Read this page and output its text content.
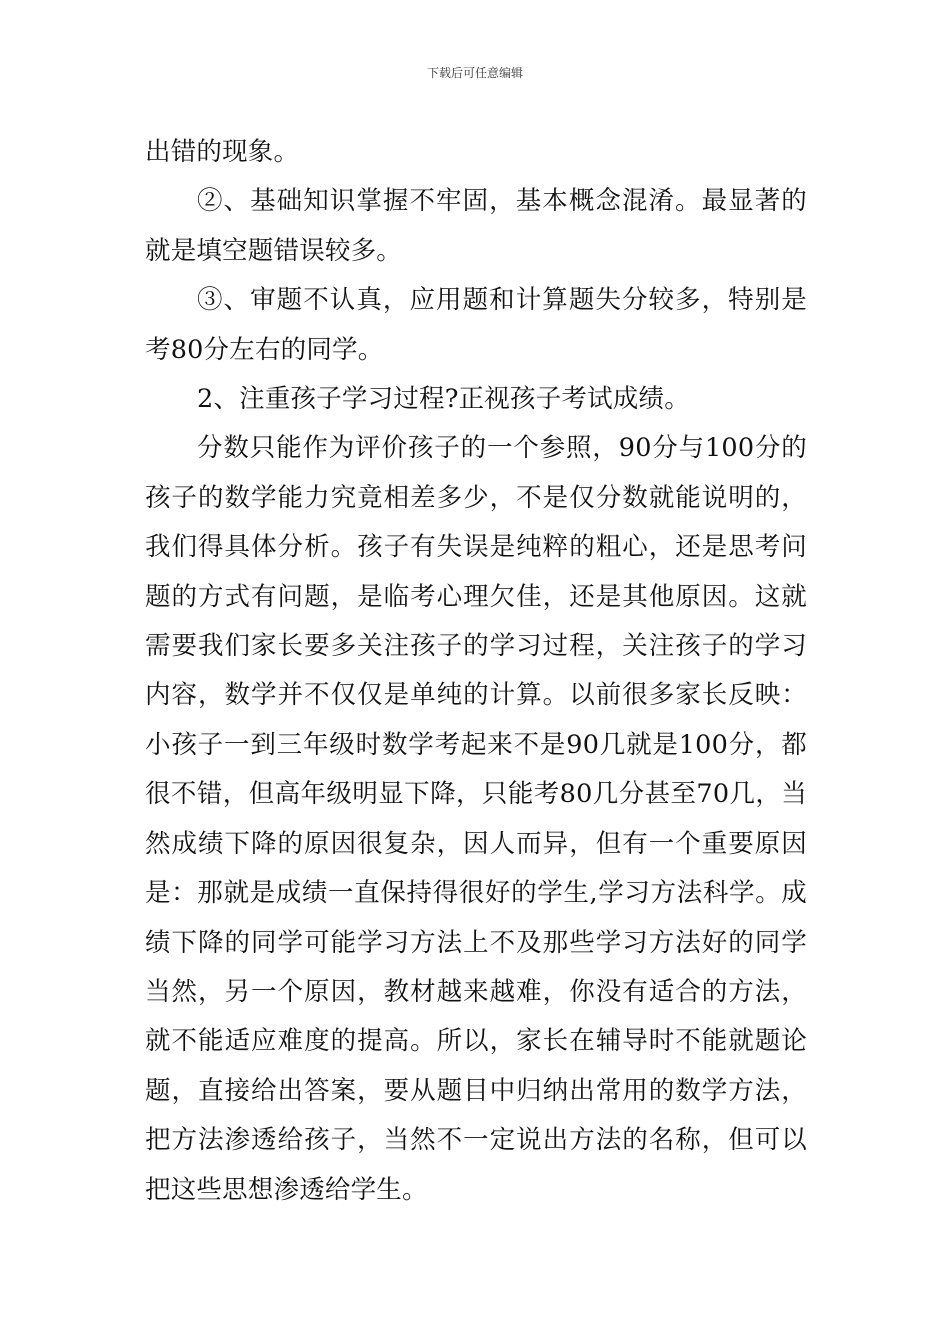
下载后可任意编辑

出错的现象。

②、基础知识掌握不牢固，基本概念混淆。最显著的就是填空题错误较多。

③、审题不认真，应用题和计算题失分较多，特别是考80分左右的同学。

2、注重孩子学习过程?正视孩子考试成绩。

分数只能作为评价孩子的一个参照，90分与100分的孩子的数学能力究竟相差多少，不是仅分数就能说明的，我们得具体分析。孩子有失误是纯粹的粗心，还是思考问题的方式有问题，是临考心理欠佳，还是其他原因。这就需要我们家长要多关注孩子的学习过程，关注孩子的学习内容，数学并不仅仅是单纯的计算。以前很多家长反映：小孩子一到三年级时数学考起来不是90几就是100分，都很不错，但高年级明显下降，只能考80几分甚至70几，当然成绩下降的原因很复杂，因人而异，但有一个重要原因是：那就是成绩一直保持得很好的学生,学习方法科学。成绩下降的同学可能学习方法上不及那些学习方法好的同学当然，另一个原因，教材越来越难，你没有适合的方法，就不能适应难度的提高。所以，家长在辅导时不能就题论题，直接给出答案，要从题目中归纳出常用的数学方法，把方法渗透给孩子，当然不一定说出方法的名称，但可以把这些思想渗透给学生。
